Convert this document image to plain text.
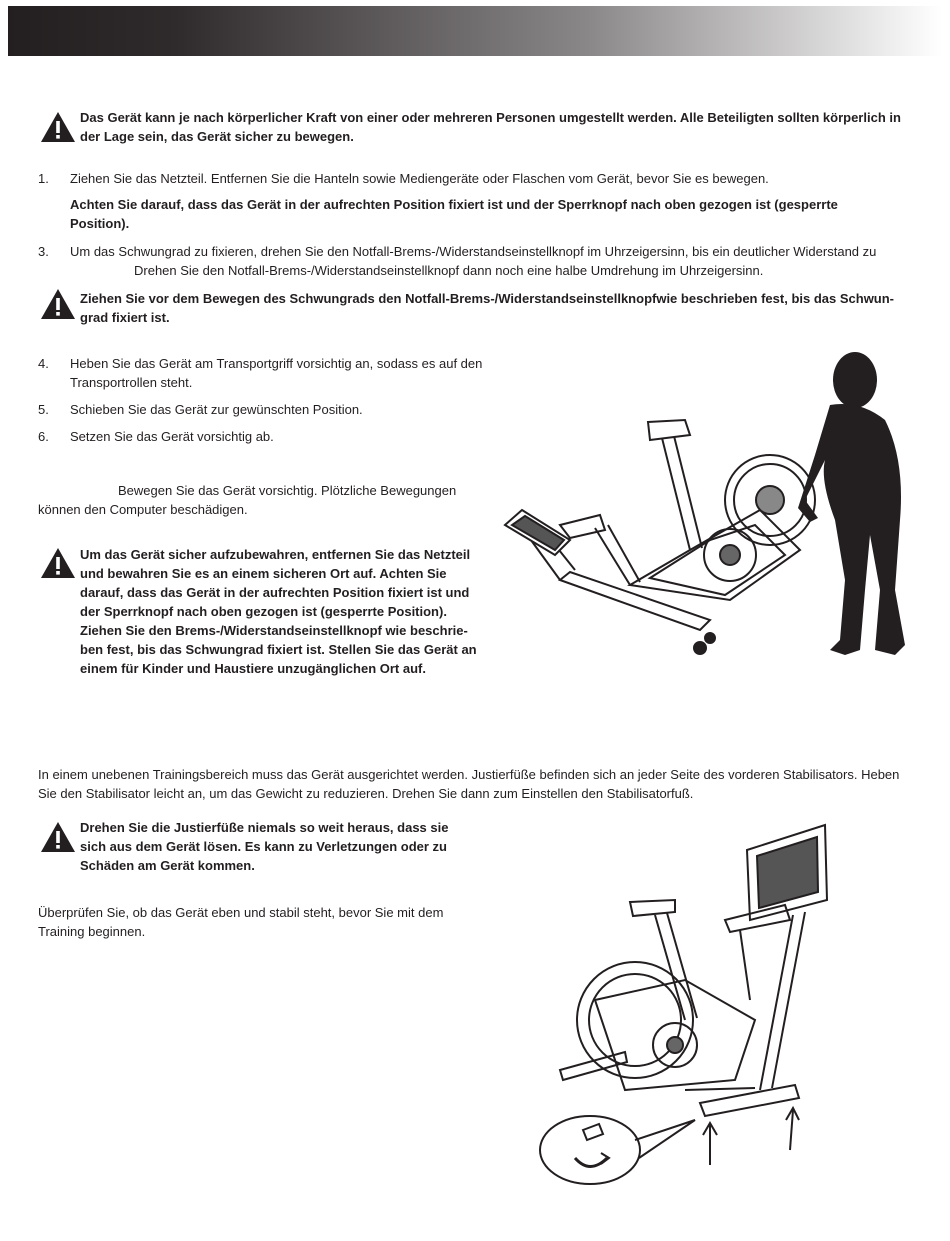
Das Gerät kann je nach körperlicher Kraft von einer oder mehreren Personen umgestellt werden. Alle Beteiligten sollten körperlich in der Lage sein, das Gerät sicher zu bewegen.
1. Ziehen Sie das Netzteil. Entfernen Sie die Hanteln sowie Mediengeräte oder Flaschen vom Gerät, bevor Sie es bewegen.
Achten Sie darauf, dass das Gerät in der aufrechten Position fixiert ist und der Sperrknopf nach oben gezogen ist (gesperrte Position).
3. Um das Schwungrad zu fixieren, drehen Sie den Notfall-Brems-/Widerstandseinstellknopf im Uhrzeigersinn, bis ein deutlicher Widerstand zu
Drehen Sie den Notfall-Brems-/Widerstandseinstellknopf dann noch eine halbe Umdrehung im Uhrzeigersinn.
Ziehen Sie vor dem Bewegen des Schwungrads den Notfall-Brems-/Widerstandseinstellknopfwie beschrieben fest, bis das Schwun-grad fixiert ist.
4. Heben Sie das Gerät am Transportgriff vorsichtig an, sodass es auf den Transportrollen steht.
5. Schieben Sie das Gerät zur gewünschten Position.
6. Setzen Sie das Gerät vorsichtig ab.
Bewegen Sie das Gerät vorsichtig. Plötzliche Bewegungen können den Computer beschädigen.
Um das Gerät sicher aufzubewahren, entfernen Sie das Netzteil und bewahren Sie es an einem sicheren Ort auf. Achten Sie darauf, dass das Gerät in der aufrechten Position fixiert ist und der Sperrknopf nach oben gezogen ist (gesperrte Position). Ziehen Sie den Brems-/Widerstandseinstellknopf wie beschrie-ben fest, bis das Schwungrad fixiert ist. Stellen Sie das Gerät an einem für Kinder und Haustiere unzugänglichen Ort auf.
In einem unebenen Trainingsbereich muss das Gerät ausgerichtet werden. Justierfüße befinden sich an jeder Seite des vorderen Stabilisators. Heben Sie den Stabilisator leicht an, um das Gewicht zu reduzieren. Drehen Sie dann zum Einstellen den Stabilisatorfuß.
Drehen Sie die Justierfüße niemals so weit heraus, dass sie sich aus dem Gerät lösen. Es kann zu Verletzungen oder zu Schäden am Gerät kommen.
Überprüfen Sie, ob das Gerät eben und stabil steht, bevor Sie mit dem Training beginnen.
